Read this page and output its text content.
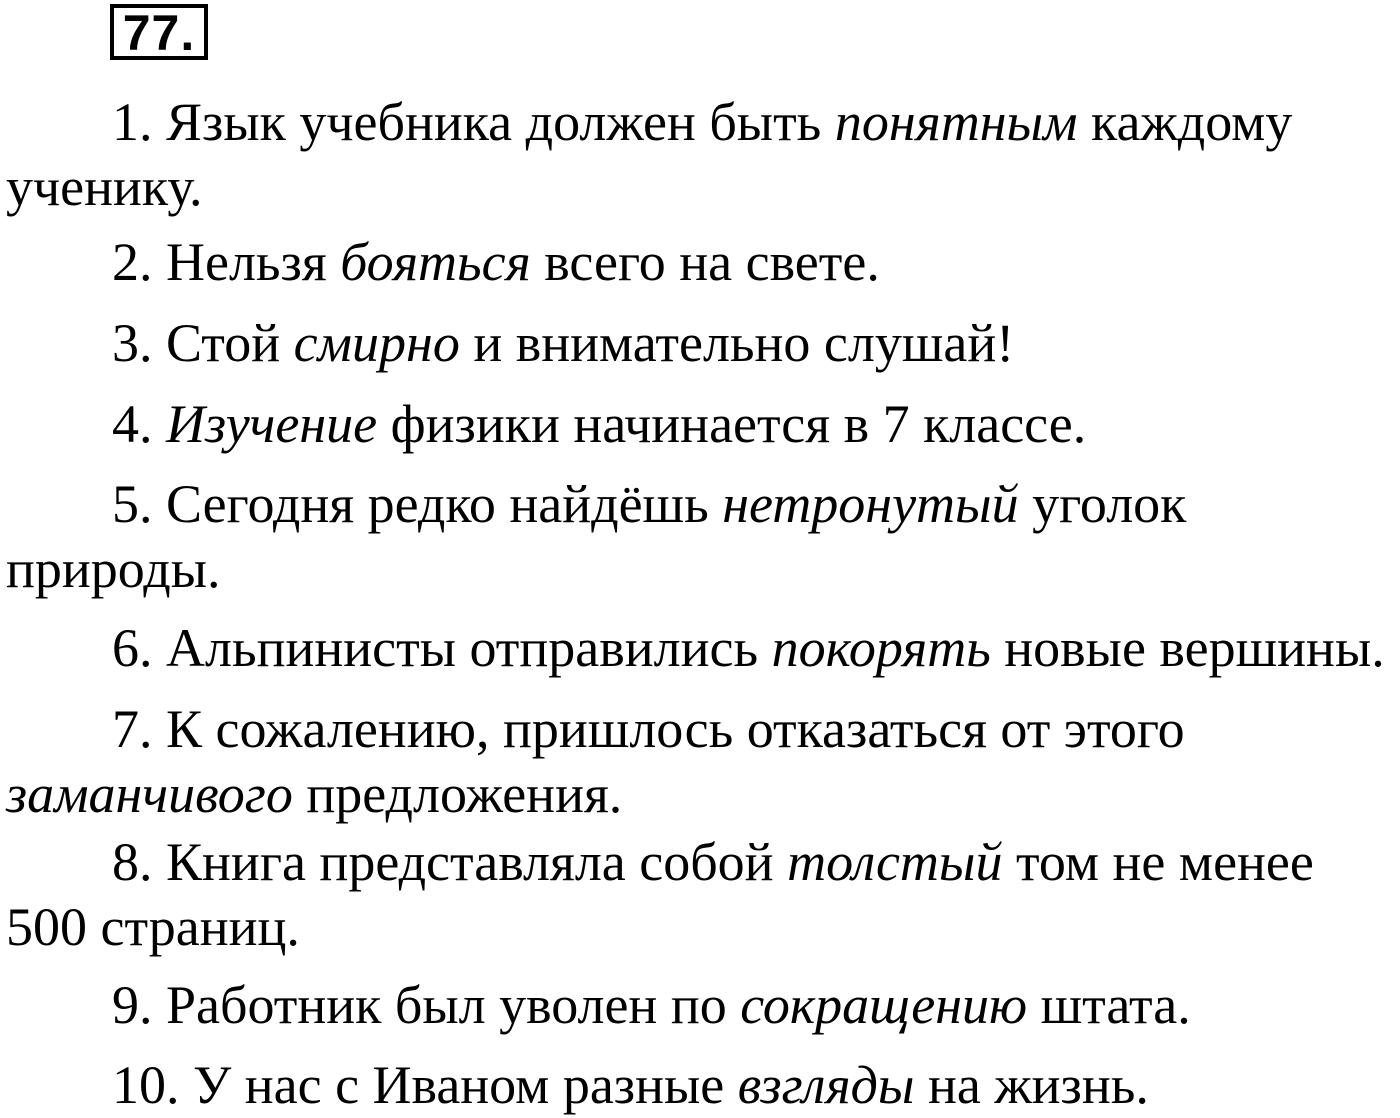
77.
1. Язык учебника должен быть понятным каждому
ученику.
2. Нельзя бояться всего на свете.
3. Стой смирно и внимательно слушай!
4. Изучение физики начинается в 7 классе.
5. Сегодня редко найдёшь нетронутый уголок
природы.
6. Альпинисты отправились покорять новые вершины.
7. К сожалению, пришлось отказаться от этого
заманчивого предложения.
8. Книга представляла собой толстый том не менее
500 страниц.
9. Работник был уволен по сокращению штата.
10. У нас с Иваном разные взгляды на жизнь.
